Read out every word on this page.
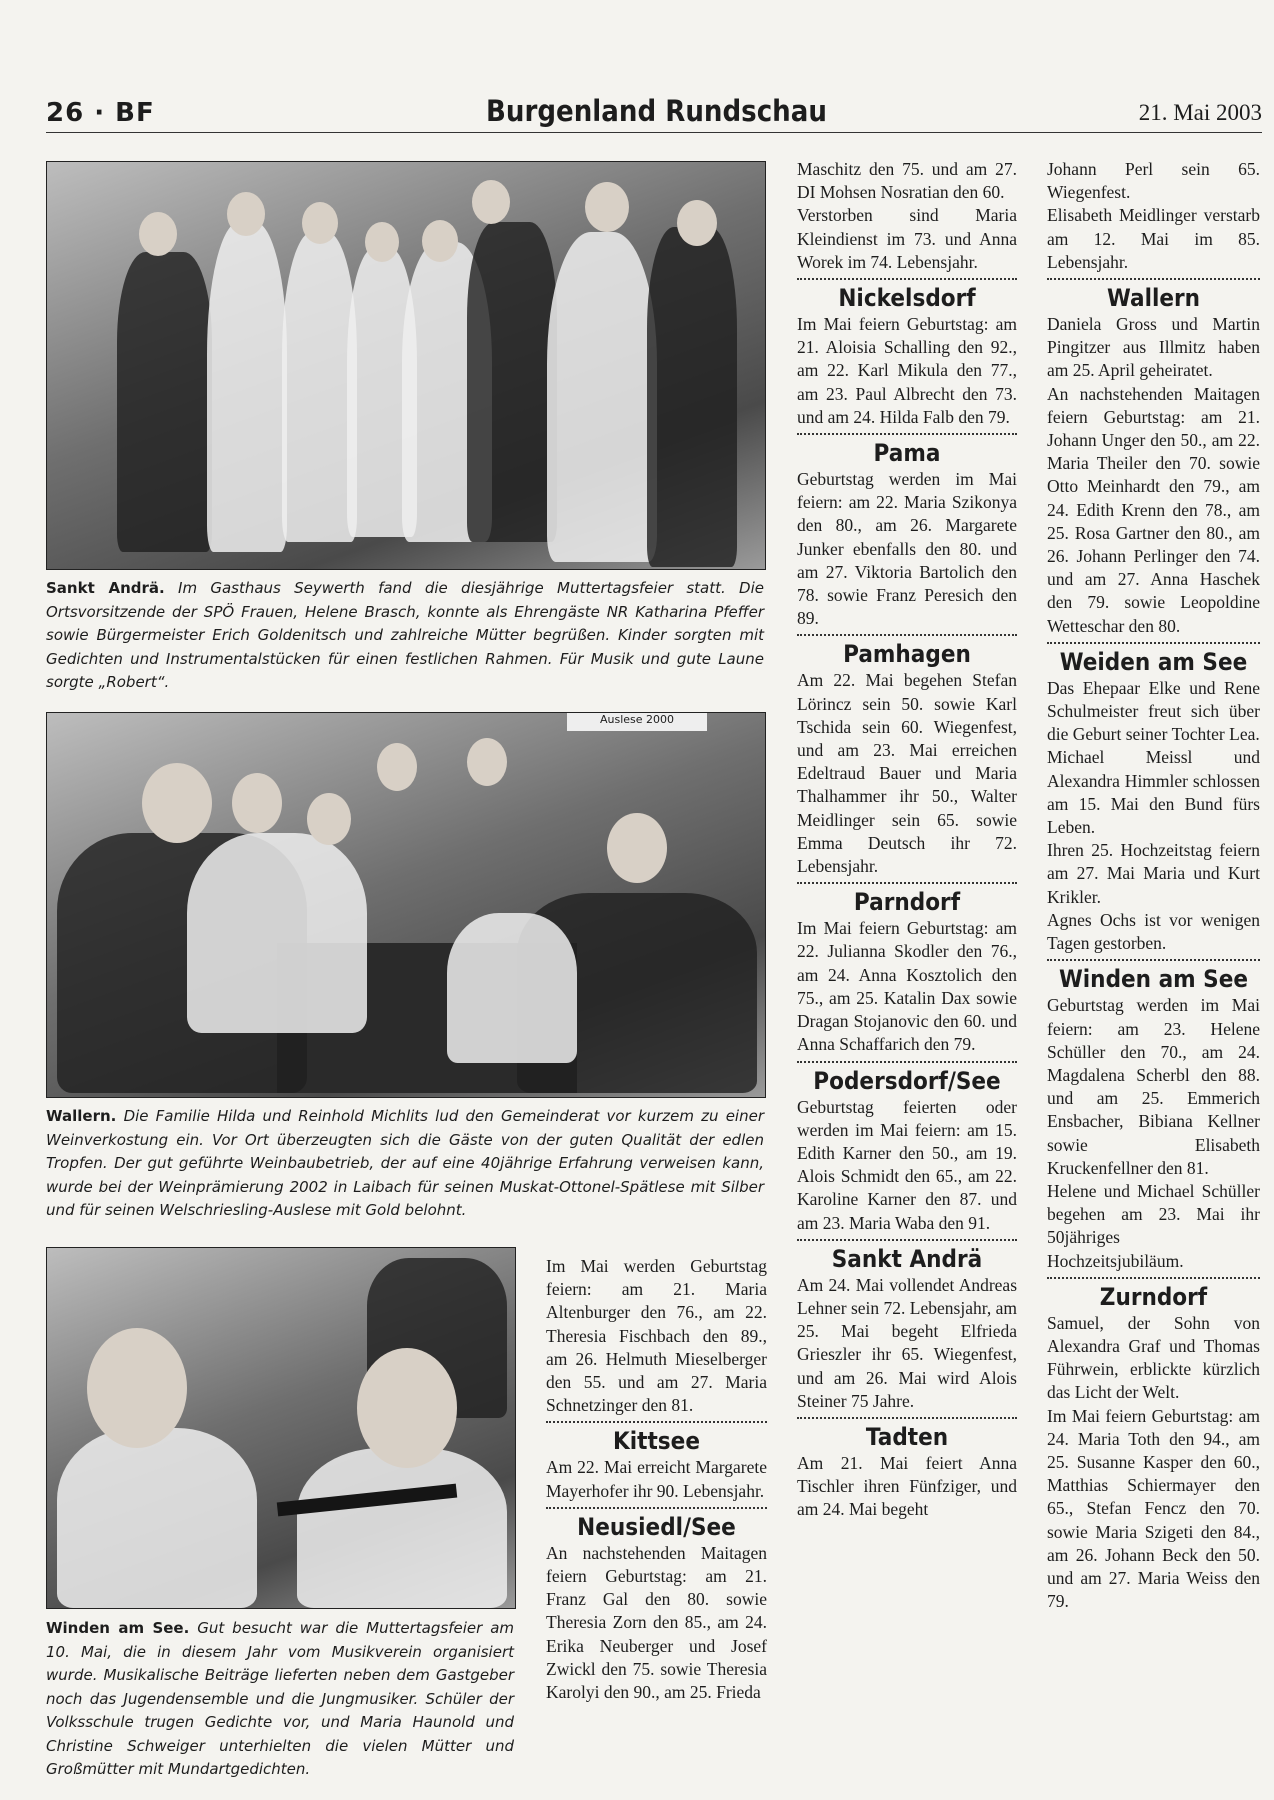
26 · BF	Burgenland Rundschau	21. Mai 2003
Sankt Andrä. Im Gasthaus Seywerth fand die diesjährige Muttertagsfeier statt. Die Ortsvorsitzende der SPÖ Frauen, Helene Brasch, konnte als Ehrengäste NR Katharina Pfeffer sowie Bürgermeister Erich Goldenitsch und zahlreiche Mütter begrüßen. Kinder sorgten mit Gedichten und Instrumentalstücken für einen festlichen Rahmen. Für Musik und gute Laune sorgte „Robert“.
Auslese 2000
Wallern. Die Familie Hilda und Reinhold Michlits lud den Gemeinderat vor kurzem zu einer Weinverkostung ein. Vor Ort überzeugten sich die Gäste von der guten Qualität der edlen Tropfen. Der gut geführte Weinbaubetrieb, der auf eine 40jährige Erfahrung verweisen kann, wurde bei der Weinprämierung 2002 in Laibach für seinen Muskat-Ottonel-Spätlese mit Silber und für seinen Welschriesling-Auslese mit Gold belohnt.
Winden am See. Gut besucht war die Muttertagsfeier am 10. Mai, die in diesem Jahr vom Musikverein organisiert wurde. Musikalische Beiträge lieferten neben dem Gastgeber noch das Jugendensemble und die Jungmusiker. Schüler der Volksschule trugen Gedichte vor, und Maria Haunold und Christine Schweiger unterhielten die vielen Mütter und Großmütter mit Mundartgedichten.

Im Mai werden Geburtstag feiern: am 21. Maria Altenburger den 76., am 22. Theresia Fischbach den 89., am 26. Helmuth Mieselberger den 55. und am 27. Maria Schnetzinger den 81.

Kittsee

Am 22. Mai erreicht Margarete Mayerhofer ihr 90. Lebensjahr.

Neusiedl/See

An nachstehenden Maitagen feiern Geburtstag: am 21. Franz Gal den 80. sowie Theresia Zorn den 85., am 24. Erika Neuberger und Josef Zwickl den 75. sowie Theresia Karolyi den 90., am 25. Frieda

Maschitz den 75. und am 27. DI Mohsen Nosratian den 60.

Verstorben sind Maria Kleindienst im 73. und Anna Worek im 74. Lebensjahr.

Nickelsdorf

Im Mai feiern Geburtstag: am 21. Aloisia Schalling den 92., am 22. Karl Mikula den 77., am 23. Paul Albrecht den 73. und am 24. Hilda Falb den 79.

Pama

Geburtstag werden im Mai feiern: am 22. Maria Szikonya den 80., am 26. Margarete Junker ebenfalls den 80. und am 27. Viktoria Bartolich den 78. sowie Franz Peresich den 89.

Pamhagen

Am 22. Mai begehen Stefan Lörincz sein 50. sowie Karl Tschida sein 60. Wiegenfest, und am 23. Mai erreichen Edeltraud Bauer und Maria Thalhammer ihr 50., Walter Meidlinger sein 65. sowie Emma Deutsch ihr 72. Lebensjahr.

Parndorf

Im Mai feiern Geburtstag: am 22. Julianna Skodler den 76., am 24. Anna Kosztolich den 75., am 25. Katalin Dax sowie Dragan Stojanovic den 60. und Anna Schaffarich den 79.

Podersdorf/See

Geburtstag feierten oder werden im Mai feiern: am 15. Edith Karner den 50., am 19. Alois Schmidt den 65., am 22. Karoline Karner den 87. und am 23. Maria Waba den 91.

Sankt Andrä

Am 24. Mai vollendet Andreas Lehner sein 72. Lebensjahr, am 25. Mai begeht Elfrieda Grieszler ihr 65. Wiegenfest, und am 26. Mai wird Alois Steiner 75 Jahre.

Tadten

Am 21. Mai feiert Anna Tischler ihren Fünfziger, und am 24. Mai begeht

Johann Perl sein 65. Wiegenfest.

Elisabeth Meidlinger verstarb am 12. Mai im 85. Lebensjahr.

Wallern

Daniela Gross und Martin Pingitzer aus Illmitz haben am 25. April geheiratet.

An nachstehenden Maitagen feiern Geburtstag: am 21. Johann Unger den 50., am 22. Maria Theiler den 70. sowie Otto Meinhardt den 79., am 24. Edith Krenn den 78., am 25. Rosa Gartner den 80., am 26. Johann Perlinger den 74. und am 27. Anna Haschek den 79. sowie Leopoldine Wetteschar den 80.

Weiden am See

Das Ehepaar Elke und Rene Schulmeister freut sich über die Geburt seiner Tochter Lea.

Michael Meissl und Alexandra Himmler schlossen am 15. Mai den Bund fürs Leben.

Ihren 25. Hochzeitstag feiern am 27. Mai Maria und Kurt Krikler.

Agnes Ochs ist vor wenigen Tagen gestorben.

Winden am See

Geburtstag werden im Mai feiern: am 23. Helene Schüller den 70., am 24. Magdalena Scherbl den 88. und am 25. Emmerich Ensbacher, Bibiana Kellner sowie Elisabeth Kruckenfellner den 81.

Helene und Michael Schüller begehen am 23. Mai ihr 50jähriges Hochzeitsjubiläum.

Zurndorf

Samuel, der Sohn von Alexandra Graf und Thomas Führwein, erblickte kürzlich das Licht der Welt.

Im Mai feiern Geburtstag: am 24. Maria Toth den 94., am 25. Susanne Kasper den 60., Matthias Schiermayer den 65., Stefan Fencz den 70. sowie Maria Szigeti den 84., am 26. Johann Beck den 50. und am 27. Maria Weiss den 79.
